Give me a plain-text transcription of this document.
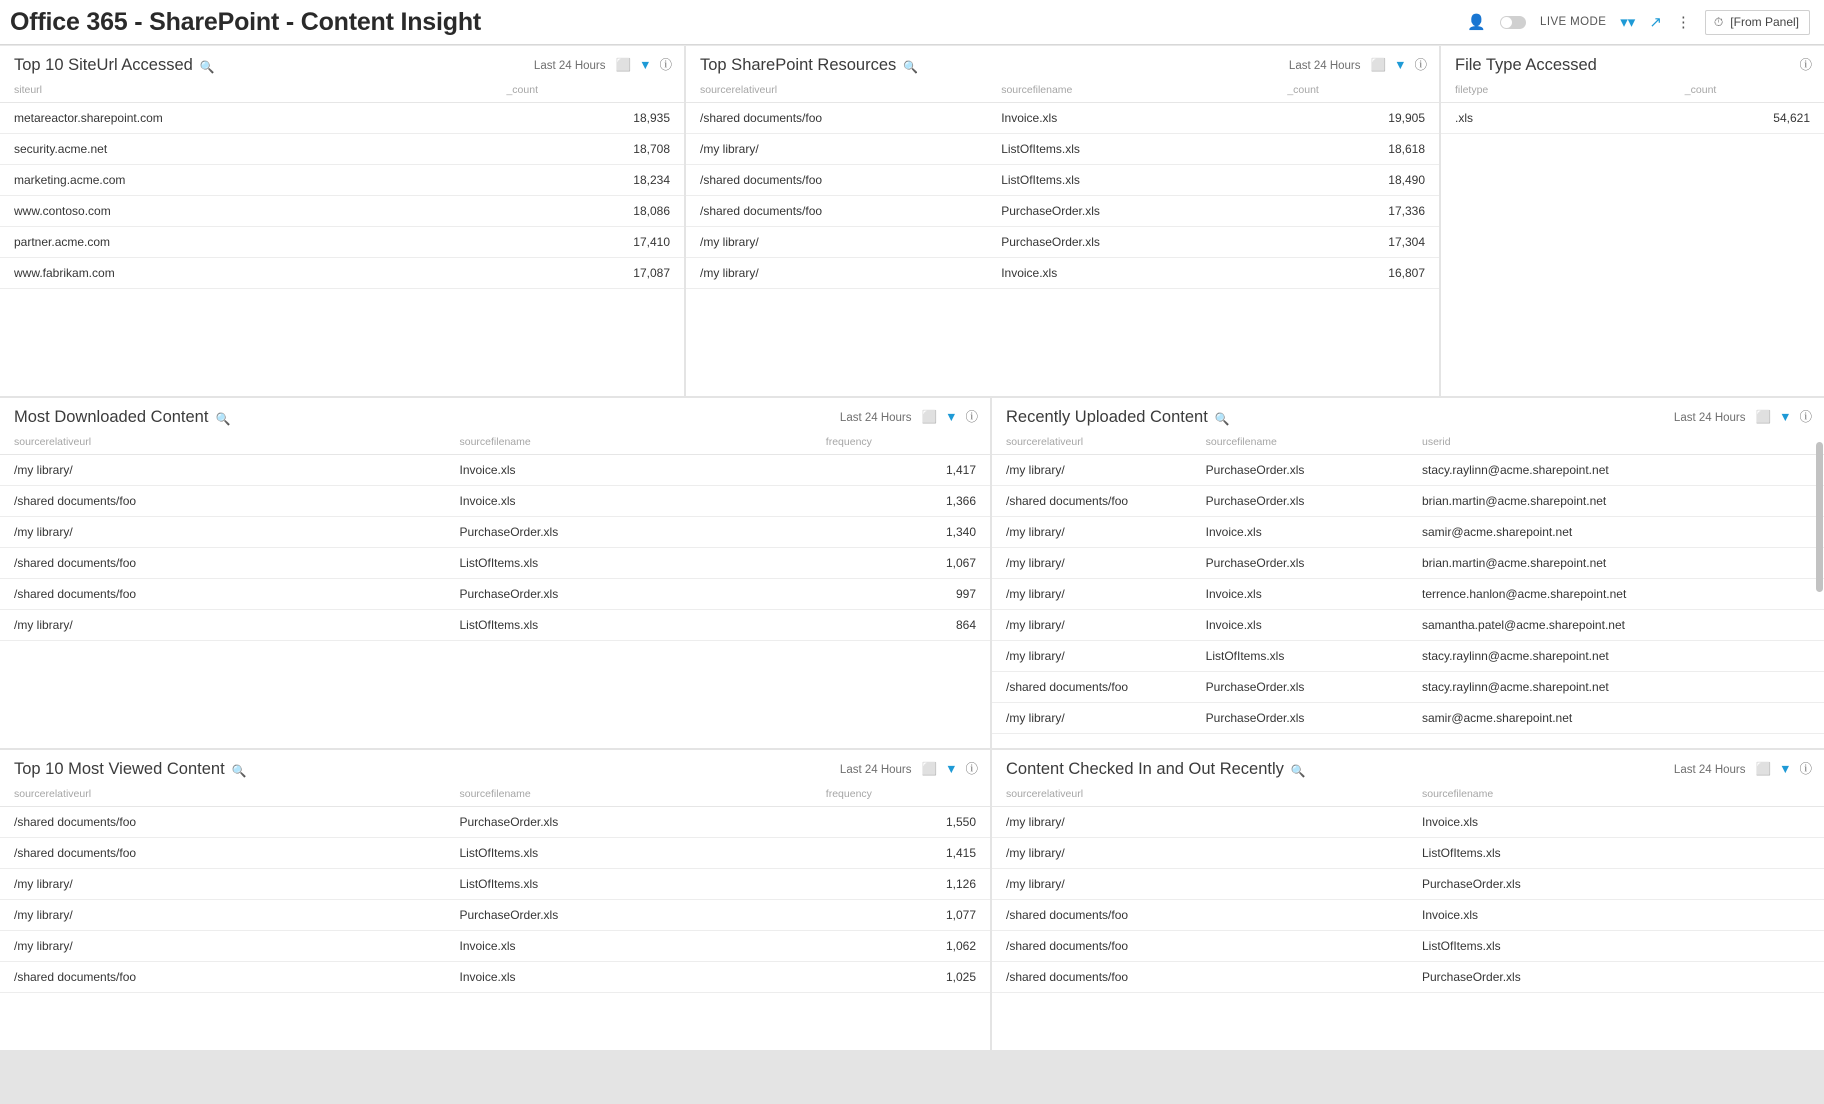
Office 365 - SharePoint - Content Insight	👤	LIVE MODE ▾▾ ↗ ⋮ ⏱ [From Panel]
Top 10 SiteUrl Accessed 🔍	Last 24 Hours ⬜ ▼ ⓘ
siteurl	_count
metareactor.sharepoint.com	18,935
security.acme.net	18,708
marketing.acme.com	18,234
www.contoso.com	18,086
partner.acme.com	17,410
www.fabrikam.com	17,087
Top SharePoint Resources 🔍	Last 24 Hours ⬜ ▼ ⓘ
sourcerelativeurl	sourcefilename	_count
/shared documents/foo	Invoice.xls	19,905
/my library/	ListOfItems.xls	18,618
/shared documents/foo	ListOfItems.xls	18,490
/shared documents/foo	PurchaseOrder.xls	17,336
/my library/	PurchaseOrder.xls	17,304
/my library/	Invoice.xls	16,807
File Type Accessed	ⓘ
filetype	_count
.xls	54,621
Most Downloaded Content 🔍	Last 24 Hours ⬜ ▼ ⓘ
sourcerelativeurl	sourcefilename	frequency
/my library/	Invoice.xls	1,417
/shared documents/foo	Invoice.xls	1,366
/my library/	PurchaseOrder.xls	1,340
/shared documents/foo	ListOfItems.xls	1,067
/shared documents/foo	PurchaseOrder.xls	997
/my library/	ListOfItems.xls	864
Recently Uploaded Content 🔍	Last 24 Hours ⬜ ▼ ⓘ
sourcerelativeurl	sourcefilename	userid
/my library/	PurchaseOrder.xls	stacy.raylinn@acme.sharepoint.net
/shared documents/foo	PurchaseOrder.xls	brian.martin@acme.sharepoint.net
/my library/	Invoice.xls	samir@acme.sharepoint.net
/my library/	PurchaseOrder.xls	brian.martin@acme.sharepoint.net
/my library/	Invoice.xls	terrence.hanlon@acme.sharepoint.net
/my library/	Invoice.xls	samantha.patel@acme.sharepoint.net
/my library/	ListOfItems.xls	stacy.raylinn@acme.sharepoint.net
/shared documents/foo	PurchaseOrder.xls	stacy.raylinn@acme.sharepoint.net
/my library/	PurchaseOrder.xls	samir@acme.sharepoint.net
Top 10 Most Viewed Content 🔍	Last 24 Hours ⬜ ▼ ⓘ
sourcerelativeurl	sourcefilename	frequency
/shared documents/foo	PurchaseOrder.xls	1,550
/shared documents/foo	ListOfItems.xls	1,415
/my library/	ListOfItems.xls	1,126
/my library/	PurchaseOrder.xls	1,077
/my library/	Invoice.xls	1,062
/shared documents/foo	Invoice.xls	1,025
Content Checked In and Out Recently 🔍	Last 24 Hours ⬜ ▼ ⓘ
sourcerelativeurl	sourcefilename
/my library/	Invoice.xls
/my library/	ListOfItems.xls
/my library/	PurchaseOrder.xls
/shared documents/foo	Invoice.xls
/shared documents/foo	ListOfItems.xls
/shared documents/foo	PurchaseOrder.xls
